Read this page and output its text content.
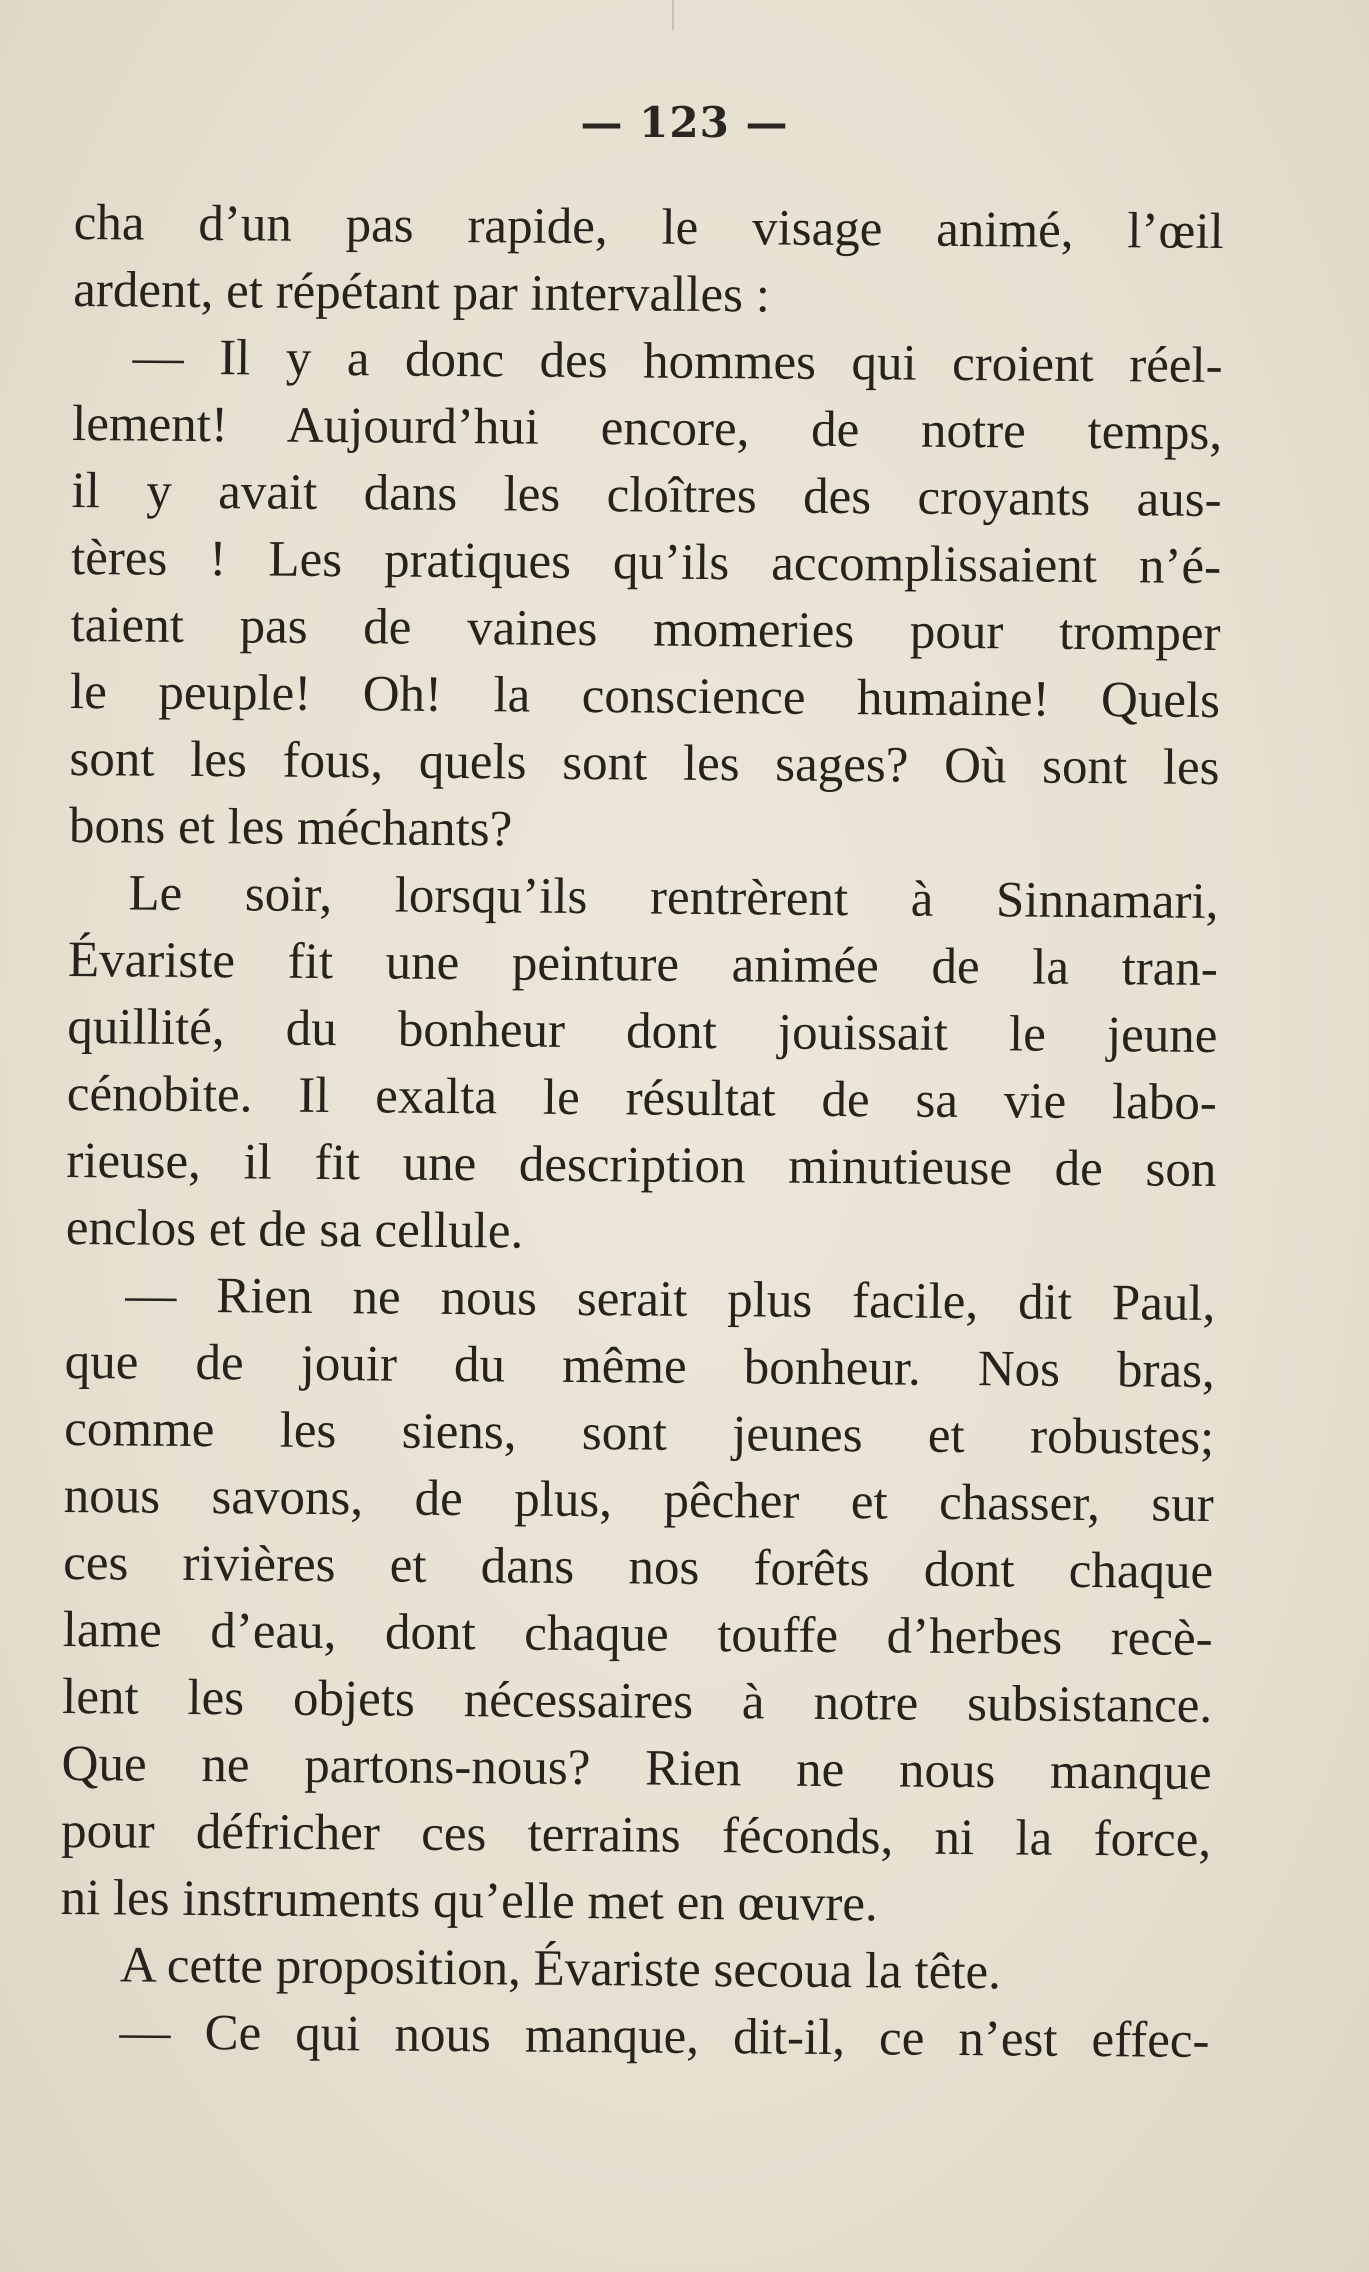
— 123 —
cha d’un pas rapide, le visage animé, l’œil
ardent, et répétant par intervalles :
— Il y a donc des hommes qui croient réel-
lement! Aujourd’hui encore, de notre temps,
il y avait dans les cloîtres des croyants aus-
tères ! Les pratiques qu’ils accomplissaient n’é-
taient pas de vaines momeries pour tromper
le peuple! Oh! la conscience humaine! Quels
sont les fous, quels sont les sages? Où sont les
bons et les méchants?
Le soir, lorsqu’ils rentrèrent à Sinnamari,
Évariste fit une peinture animée de la tran-
quillité, du bonheur dont jouissait le jeune
cénobite. Il exalta le résultat de sa vie labo-
rieuse, il fit une description minutieuse de son
enclos et de sa cellule.
— Rien ne nous serait plus facile, dit Paul,
que de jouir du même bonheur. Nos bras,
comme les siens, sont jeunes et robustes;
nous savons, de plus, pêcher et chasser, sur
ces rivières et dans nos forêts dont chaque
lame d’eau, dont chaque touffe d’herbes recè-
lent les objets nécessaires à notre subsistance.
Que ne partons-nous? Rien ne nous manque
pour défricher ces terrains féconds, ni la force,
ni les instruments qu’elle met en œuvre.
A cette proposition, Évariste secoua la tête.
— Ce qui nous manque, dit-il, ce n’est effec-
